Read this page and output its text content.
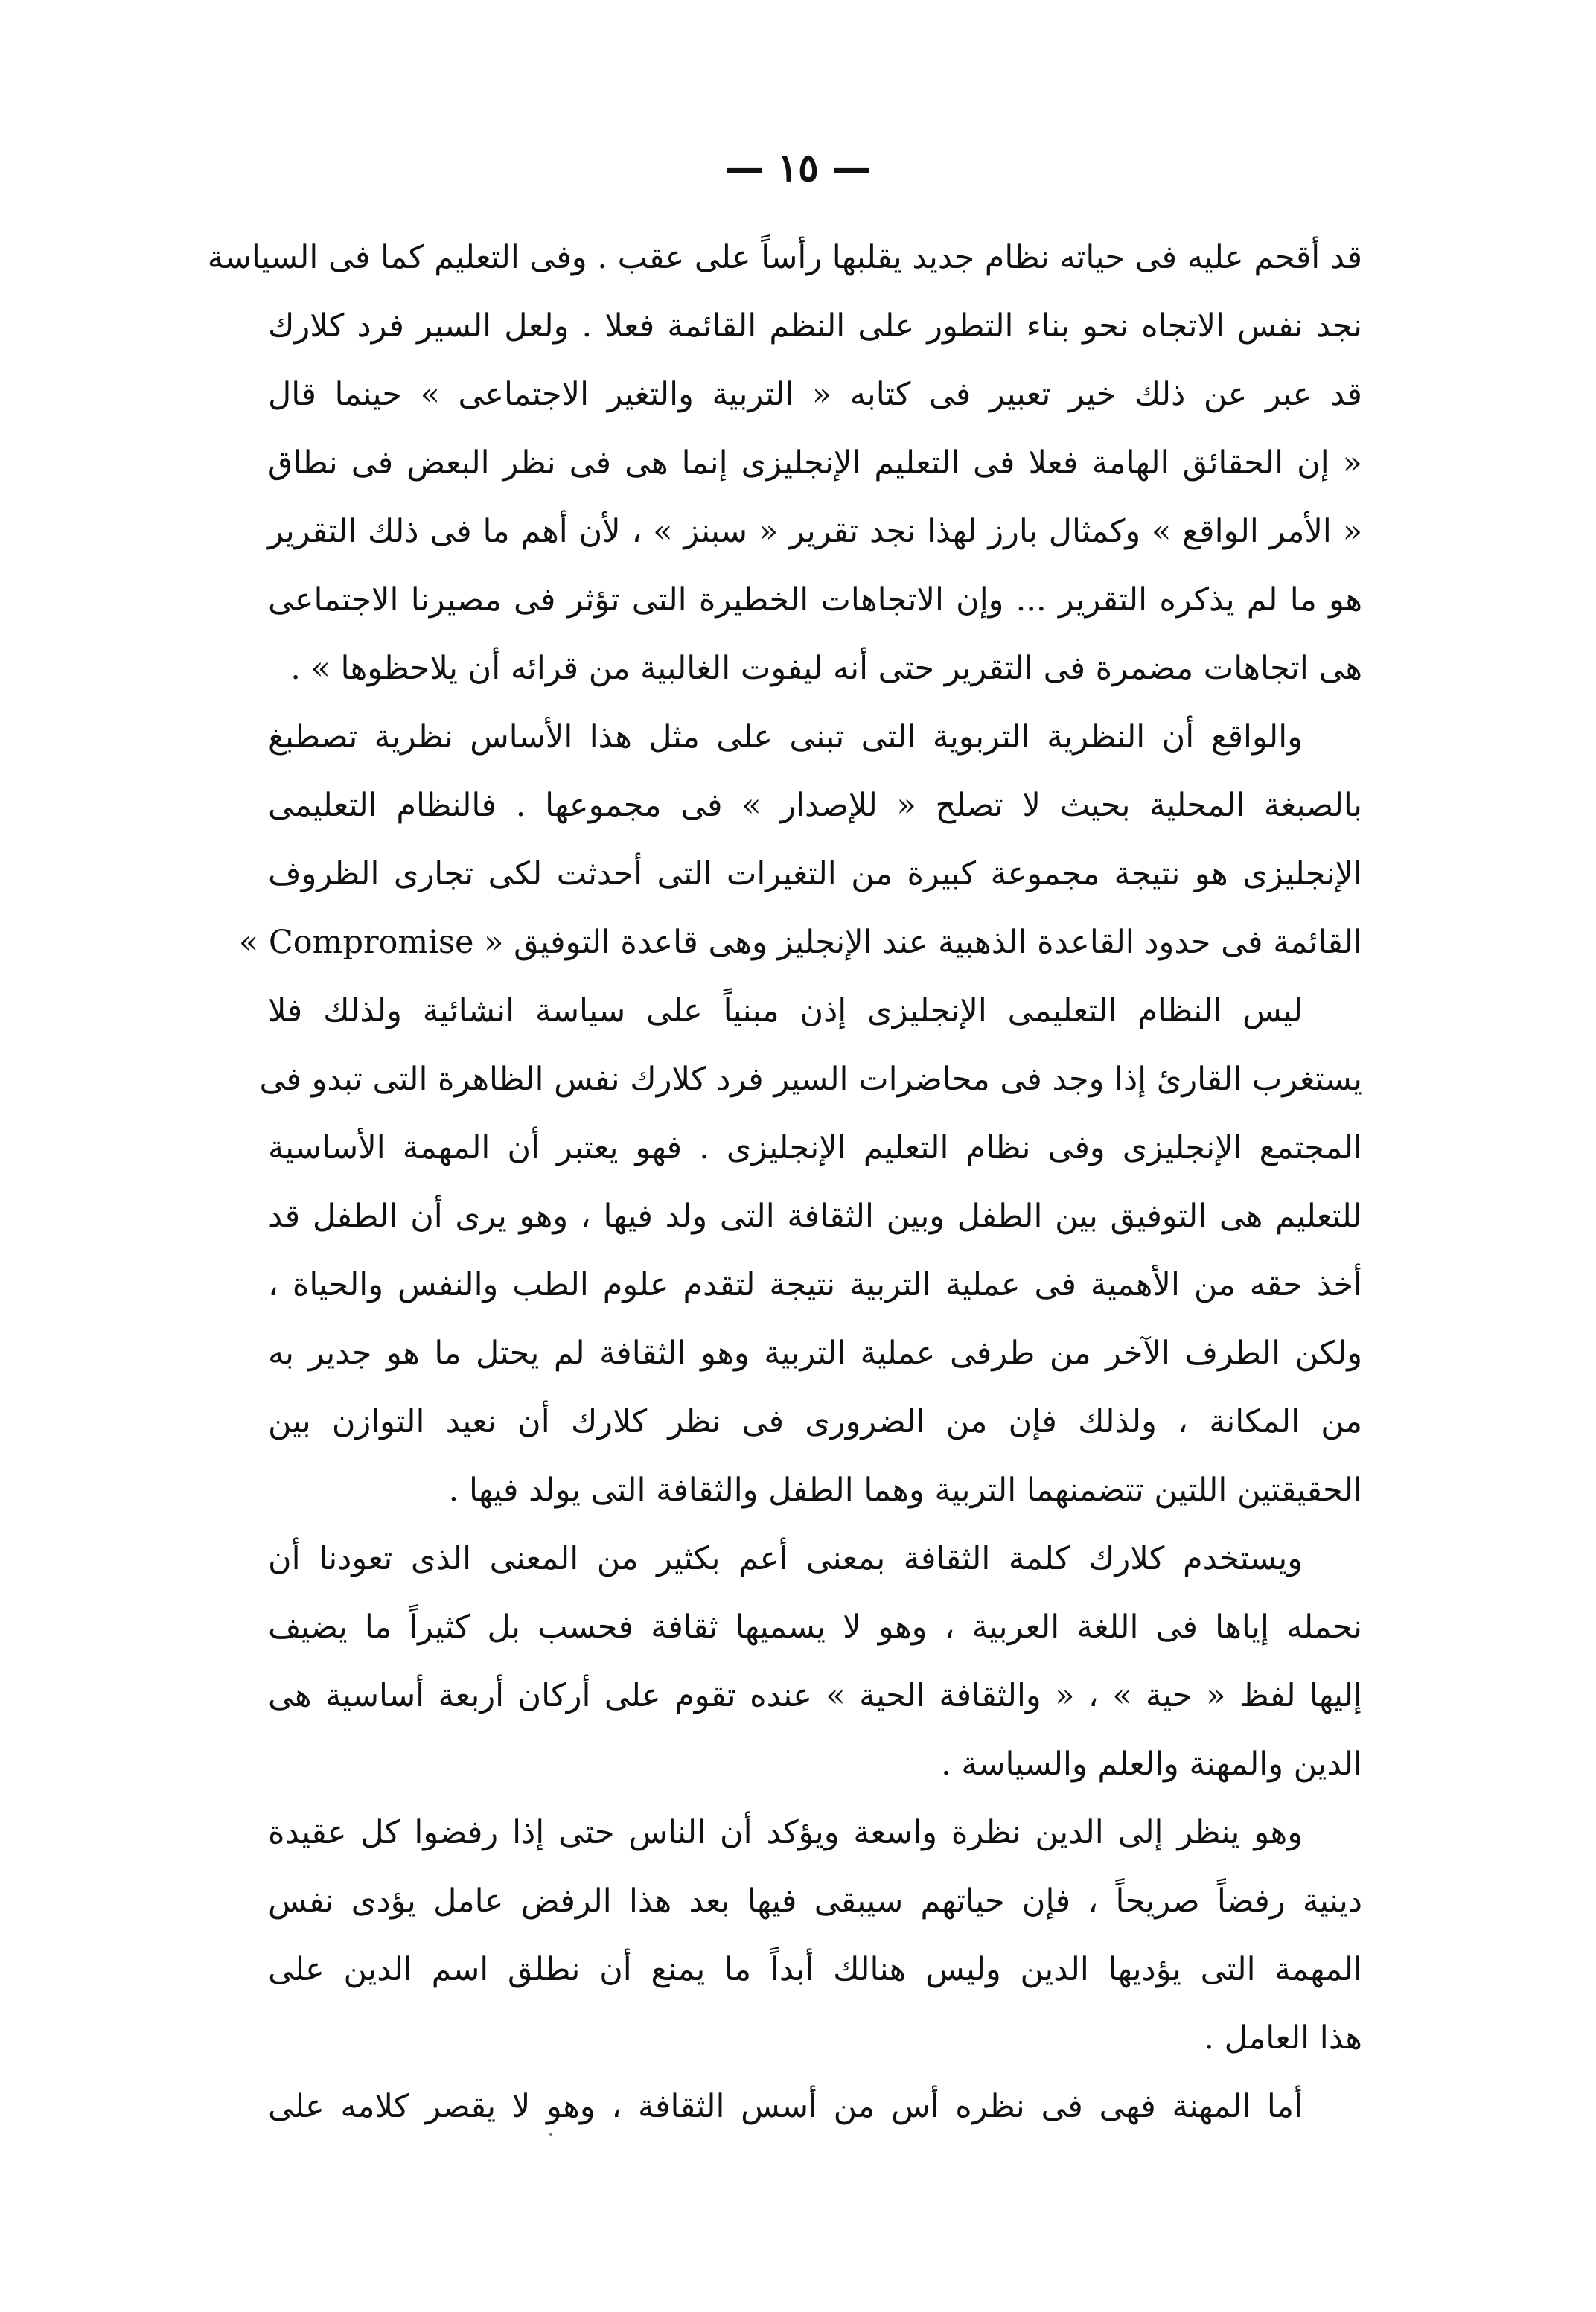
— ١٥ —
قد أقحم عليه فى حياته نظام جديد يقلبها رأساً على عقب . وفى التعليم كما فى السياسة
نجد نفس الاتجاه نحو بناء التطور على النظم القائمة فعلا . ولعل السير فرد كلارك
قد عبر عن ذلك خير تعبير فى كتابه « التربية والتغير الاجتماعى » حينما قال
« إن الحقائق الهامة فعلا فى التعليم الإنجليزى إنما هى فى نظر البعض فى نطاق
« الأمر الواقع » وكمثال بارز لهذا نجد تقرير « سبنز » ، لأن أهم ما فى ذلك التقرير
هو ما لم يذكره التقرير ... وإن الاتجاهات الخطيرة التى تؤثر فى مصيرنا الاجتماعى
هى اتجاهات مضمرة فى التقرير حتى أنه ليفوت الغالبية من قرائه أن يلاحظوها » .
والواقع أن النظرية التربوية التى تبنى على مثل هذا الأساس نظرية تصطبغ
بالصبغة المحلية بحيث لا تصلح « للإصدار » فى مجموعها . فالنظام التعليمى
الإنجليزى هو نتيجة مجموعة كبيرة من التغيرات التى أحدثت لكى تجارى الظروف
القائمة فى حدود القاعدة الذهبية عند الإنجليز وهى قاعدة التوفيق « Compromise »
ليس النظام التعليمى الإنجليزى إذن مبنياً على سياسة انشائية ولذلك فلا
يستغرب القارئ إذا وجد فى محاضرات السير فرد كلارك نفس الظاهرة التى تبدو فى
المجتمع الإنجليزى وفى نظام التعليم الإنجليزى . فهو يعتبر أن المهمة الأساسية
للتعليم هى التوفيق بين الطفل وبين الثقافة التى ولد فيها ، وهو يرى أن الطفل قد
أخذ حقه من الأهمية فى عملية التربية نتيجة لتقدم علوم الطب والنفس والحياة ،
ولكن الطرف الآخر من طرفى عملية التربية وهو الثقافة لم يحتل ما هو جدير به
من المكانة ، ولذلك فإن من الضرورى فى نظر كلارك أن نعيد التوازن بين
الحقيقتين اللتين تتضمنهما التربية وهما الطفل والثقافة التى يولد فيها .
ويستخدم كلارك كلمة الثقافة بمعنى أعم بكثير من المعنى الذى تعودنا أن
نحمله إياها فى اللغة العربية ، وهو لا يسميها ثقافة فحسب بل كثيراً ما يضيف
إليها لفظ « حية » ، « والثقافة الحية » عنده تقوم على أركان أربعة أساسية هى
الدين والمهنة والعلم والسياسة .
وهو ينظر إلى الدين نظرة واسعة ويؤكد أن الناس حتى إذا رفضوا كل عقيدة
دينية رفضاً صريحاً ، فإن حياتهم سيبقى فيها بعد هذا الرفض عامل يؤدى نفس
المهمة التى يؤديها الدين وليس هنالك أبداً ما يمنع أن نطلق اسم الدين على
هذا العامل .
أما المهنة فهى فى نظره أس من أسس الثقافة ، وهو لا يقصر كلامه على
